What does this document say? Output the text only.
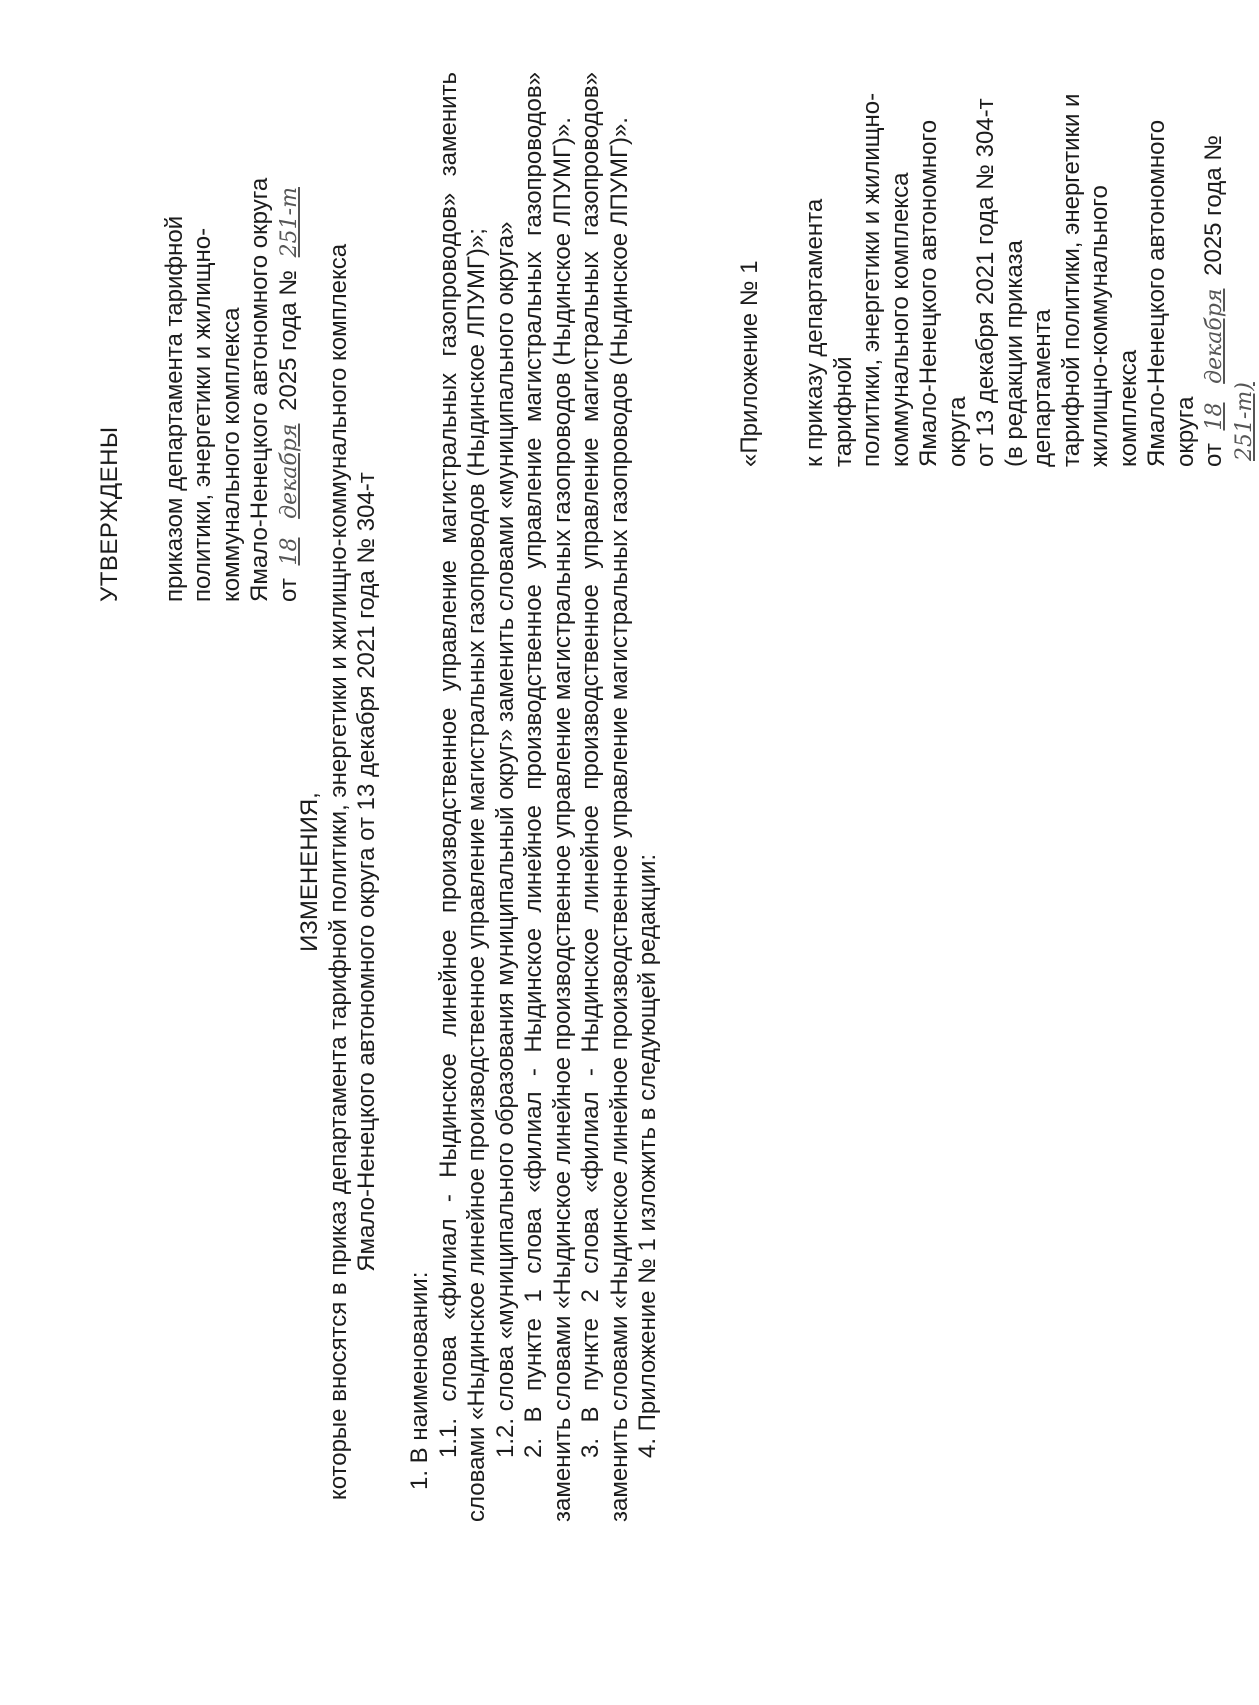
УТВЕРЖДЕНЫ приказом департамента тарифной политики, энергетики и жилищно- коммунального комплекса Ямало-Ненецкого автономного округа от 18 декабря 2025 года № 251-т

ИЗМЕНЕНИЯ, которые вносятся в приказ департамента тарифной политики, энергетики и жилищно-коммунального комплекса Ямало-Ненецкого автономного округа от 13 декабря 2021 года № 304-т

1. В наименовании: 1.1. слова «филиал - Ныдинское линейное производственное управление магистральных газопроводов» заменить словами «Ныдинское линейное производственное управление магистральных газопроводов (Ныдинское ЛПУМГ)»; 1.2. слова «муниципального образования муниципальный округ» заменить словами «муниципального округа» 2. В пункте 1 слова «филиал - Ныдинское линейное производственное управление магистральных газопроводов» заменить словами «Ныдинское линейное производственное управление магистральных газопроводов (Ныдинское ЛПУМГ)». 3. В пункте 2 слова «филиал - Ныдинское линейное производственное управление магистральных газопроводов» заменить словами «Ныдинское линейное производственное управление магистральных газопроводов (Ныдинское ЛПУМГ)». 4. Приложение № 1 изложить в следующей редакции:

«Приложение № 1 к приказу департамента тарифной политики, энергетики и жилищно- коммунального комплекса Ямало-Ненецкого автономного округа от 13 декабря 2021 года № 304-т (в редакции приказа департамента тарифной политики, энергетики и жилищно-коммунального комплекса Ямало-Ненецкого автономного округа от 18 декабря 2025 года № 251-т)
